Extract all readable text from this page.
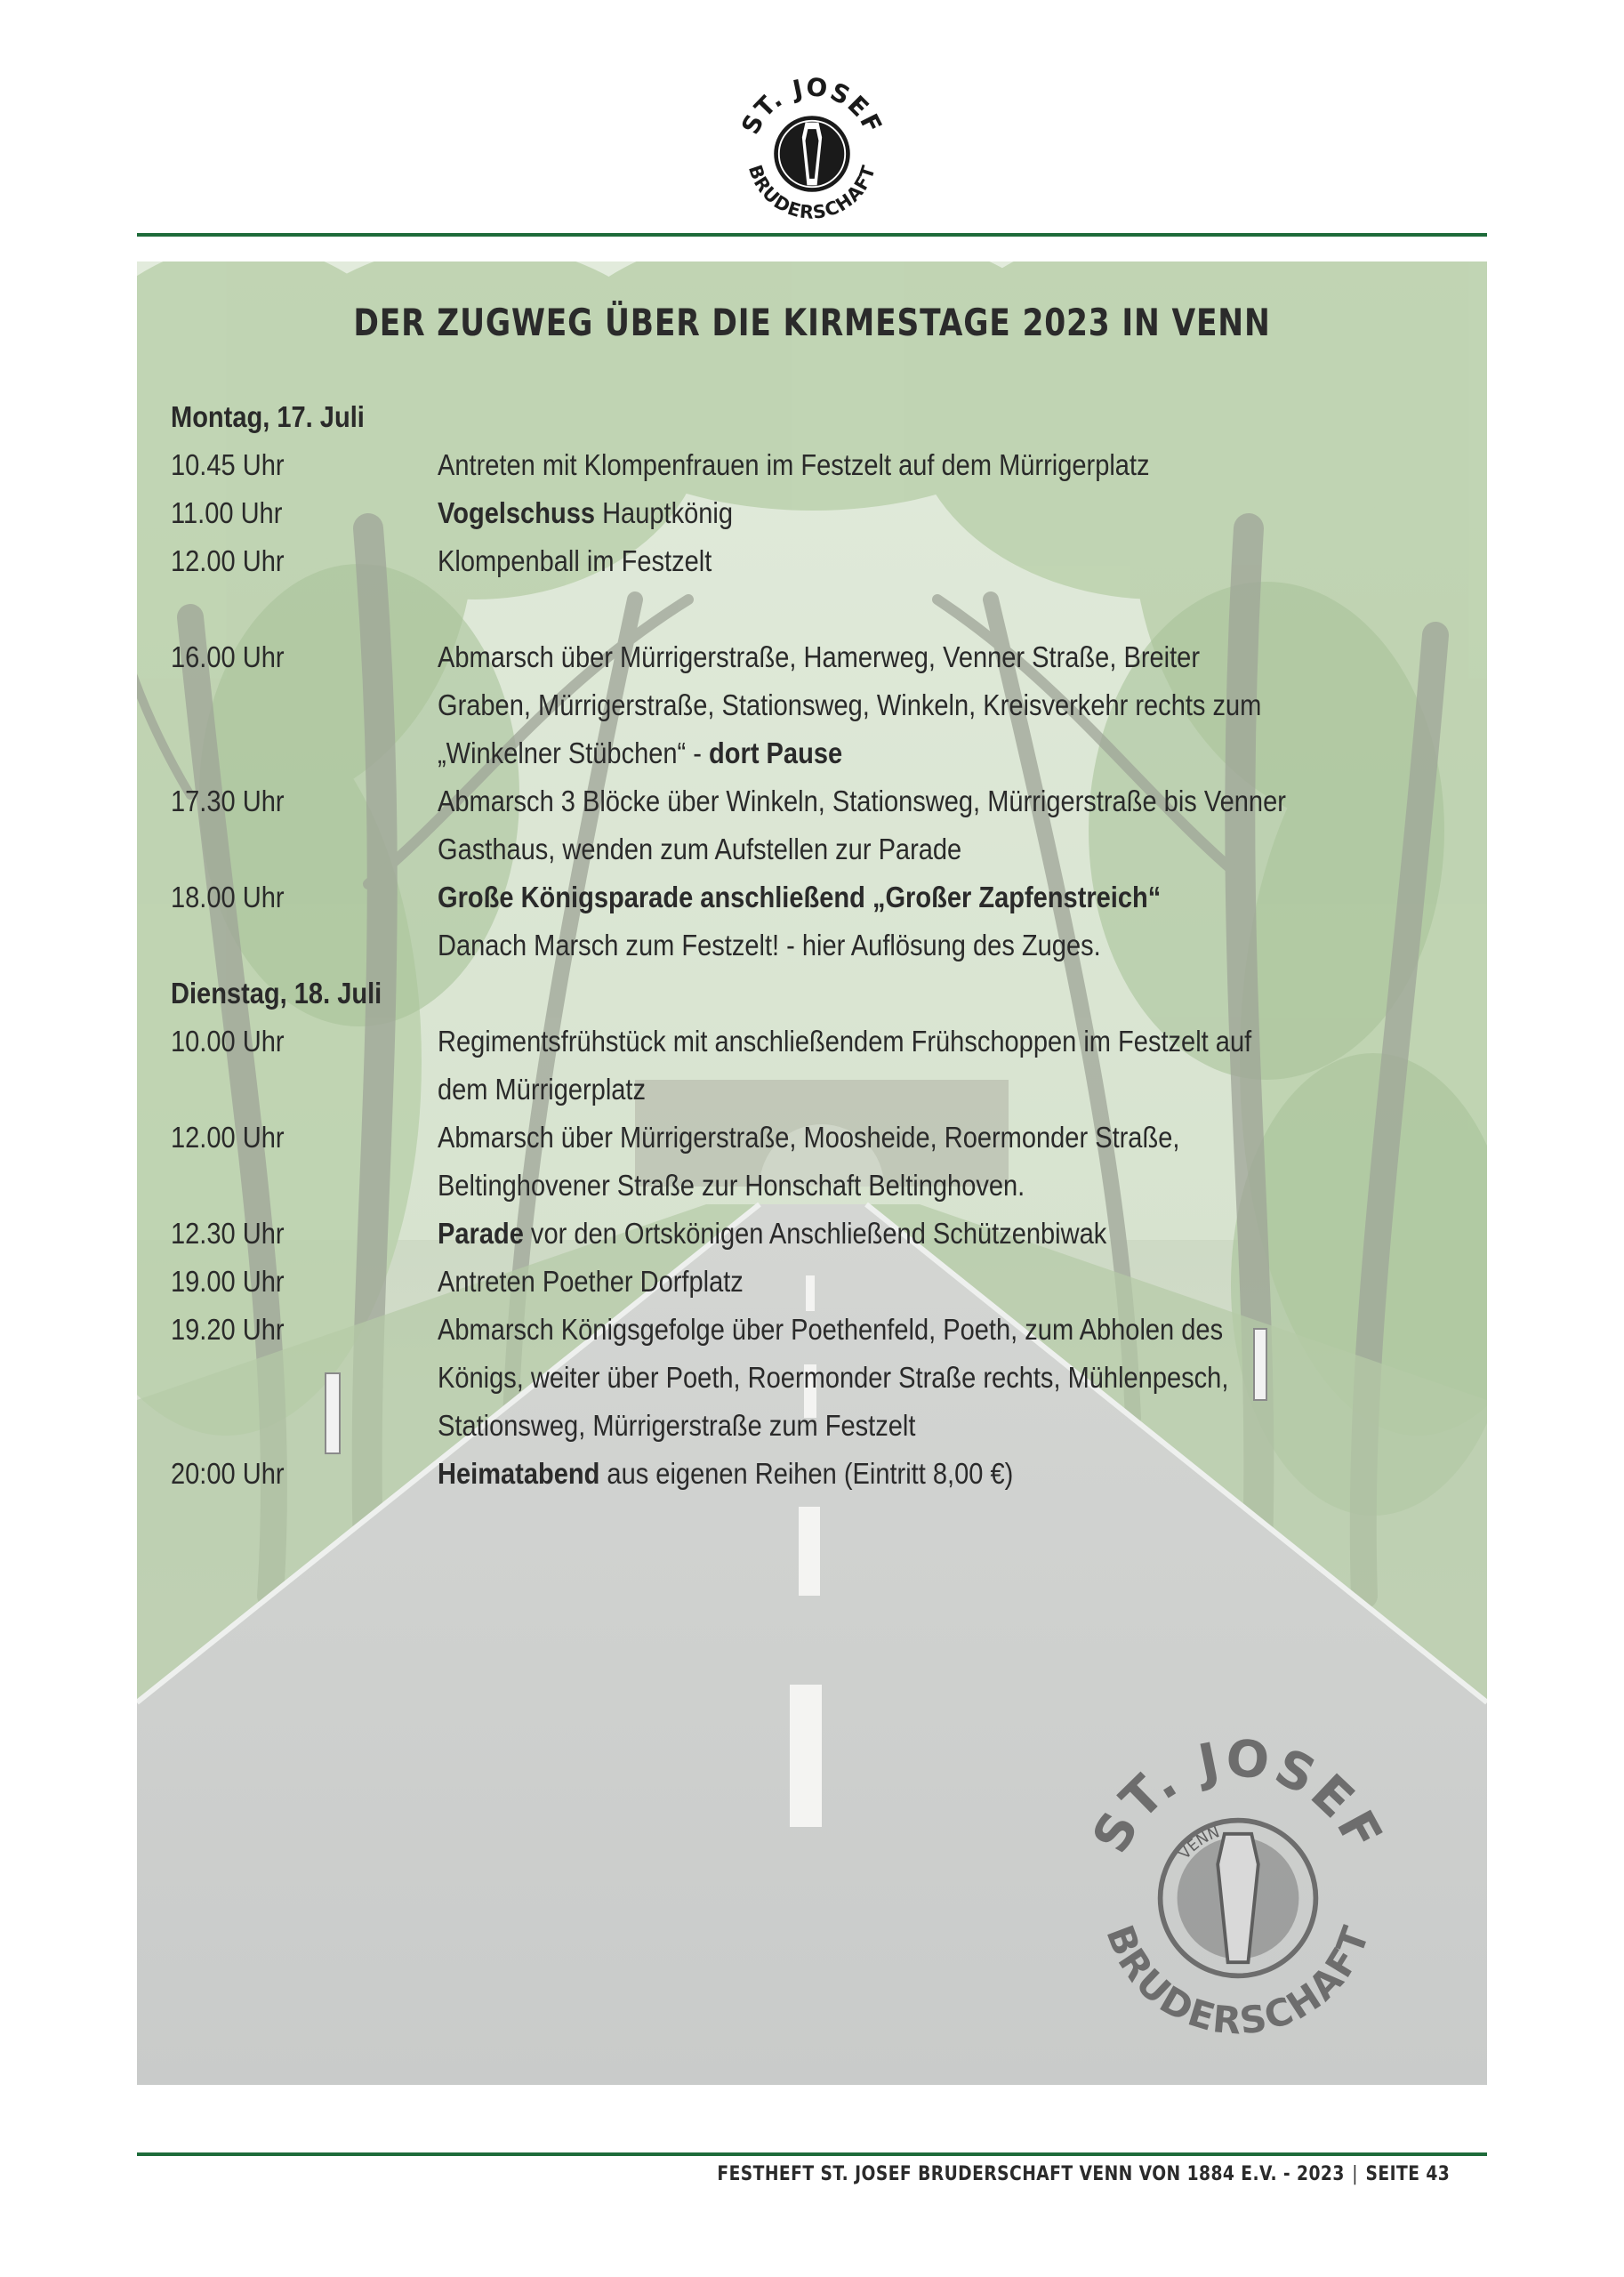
ST. JOSEF
BRUDERSCHAFT
DER ZUGWEG ÜBER DIE KIRMESTAGE 2023 IN VENN
Montag, 17. Juli
10.45 Uhr	Antreten mit Klompenfrauen im Festzelt auf dem Mürrigerplatz
11.00 Uhr	Vogelschuss Hauptkönig
12.00 Uhr	Klompenball im Festzelt
16.00 Uhr	Abmarsch über Mürrigerstraße, Hamerweg, Venner Straße, Breiter
Graben, Mürrigerstraße, Stationsweg, Winkeln, Kreisverkehr rechts zum
„Winkelner Stübchen“ - dort Pause
17.30 Uhr	Abmarsch 3 Blöcke über Winkeln, Stationsweg, Mürrigerstraße bis Venner
Gasthaus, wenden zum Aufstellen zur Parade
18.00 Uhr	Große Königsparade anschließend „Großer Zapfenstreich“
Danach Marsch zum Festzelt! - hier Auflösung des Zuges.
Dienstag, 18. Juli
10.00 Uhr	Regimentsfrühstück mit anschließendem Frühschoppen im Festzelt auf
dem Mürrigerplatz
12.00 Uhr	Abmarsch über Mürrigerstraße, Moosheide, Roermonder Straße,
Beltinghovener Straße zur Honschaft Beltinghoven.
12.30 Uhr	Parade vor den Ortskönigen Anschließend Schützenbiwak
19.00 Uhr	Antreten Poether Dorfplatz
19.20 Uhr	Abmarsch Königsgefolge über Poethenfeld, Poeth, zum Abholen des
Königs, weiter über Poeth, Roermonder Straße rechts, Mühlenpesch,
Stationsweg, Mürrigerstraße zum Festzelt
20:00 Uhr	Heimatabend aus eigenen Reihen (Eintritt 8,00 €)
ST. JOSEF
BRUDERSCHAFT
VENN
FESTHEFT ST. JOSEF BRUDERSCHAFT VENN VON 1884 E.V. - 2023 | SEITE 43
